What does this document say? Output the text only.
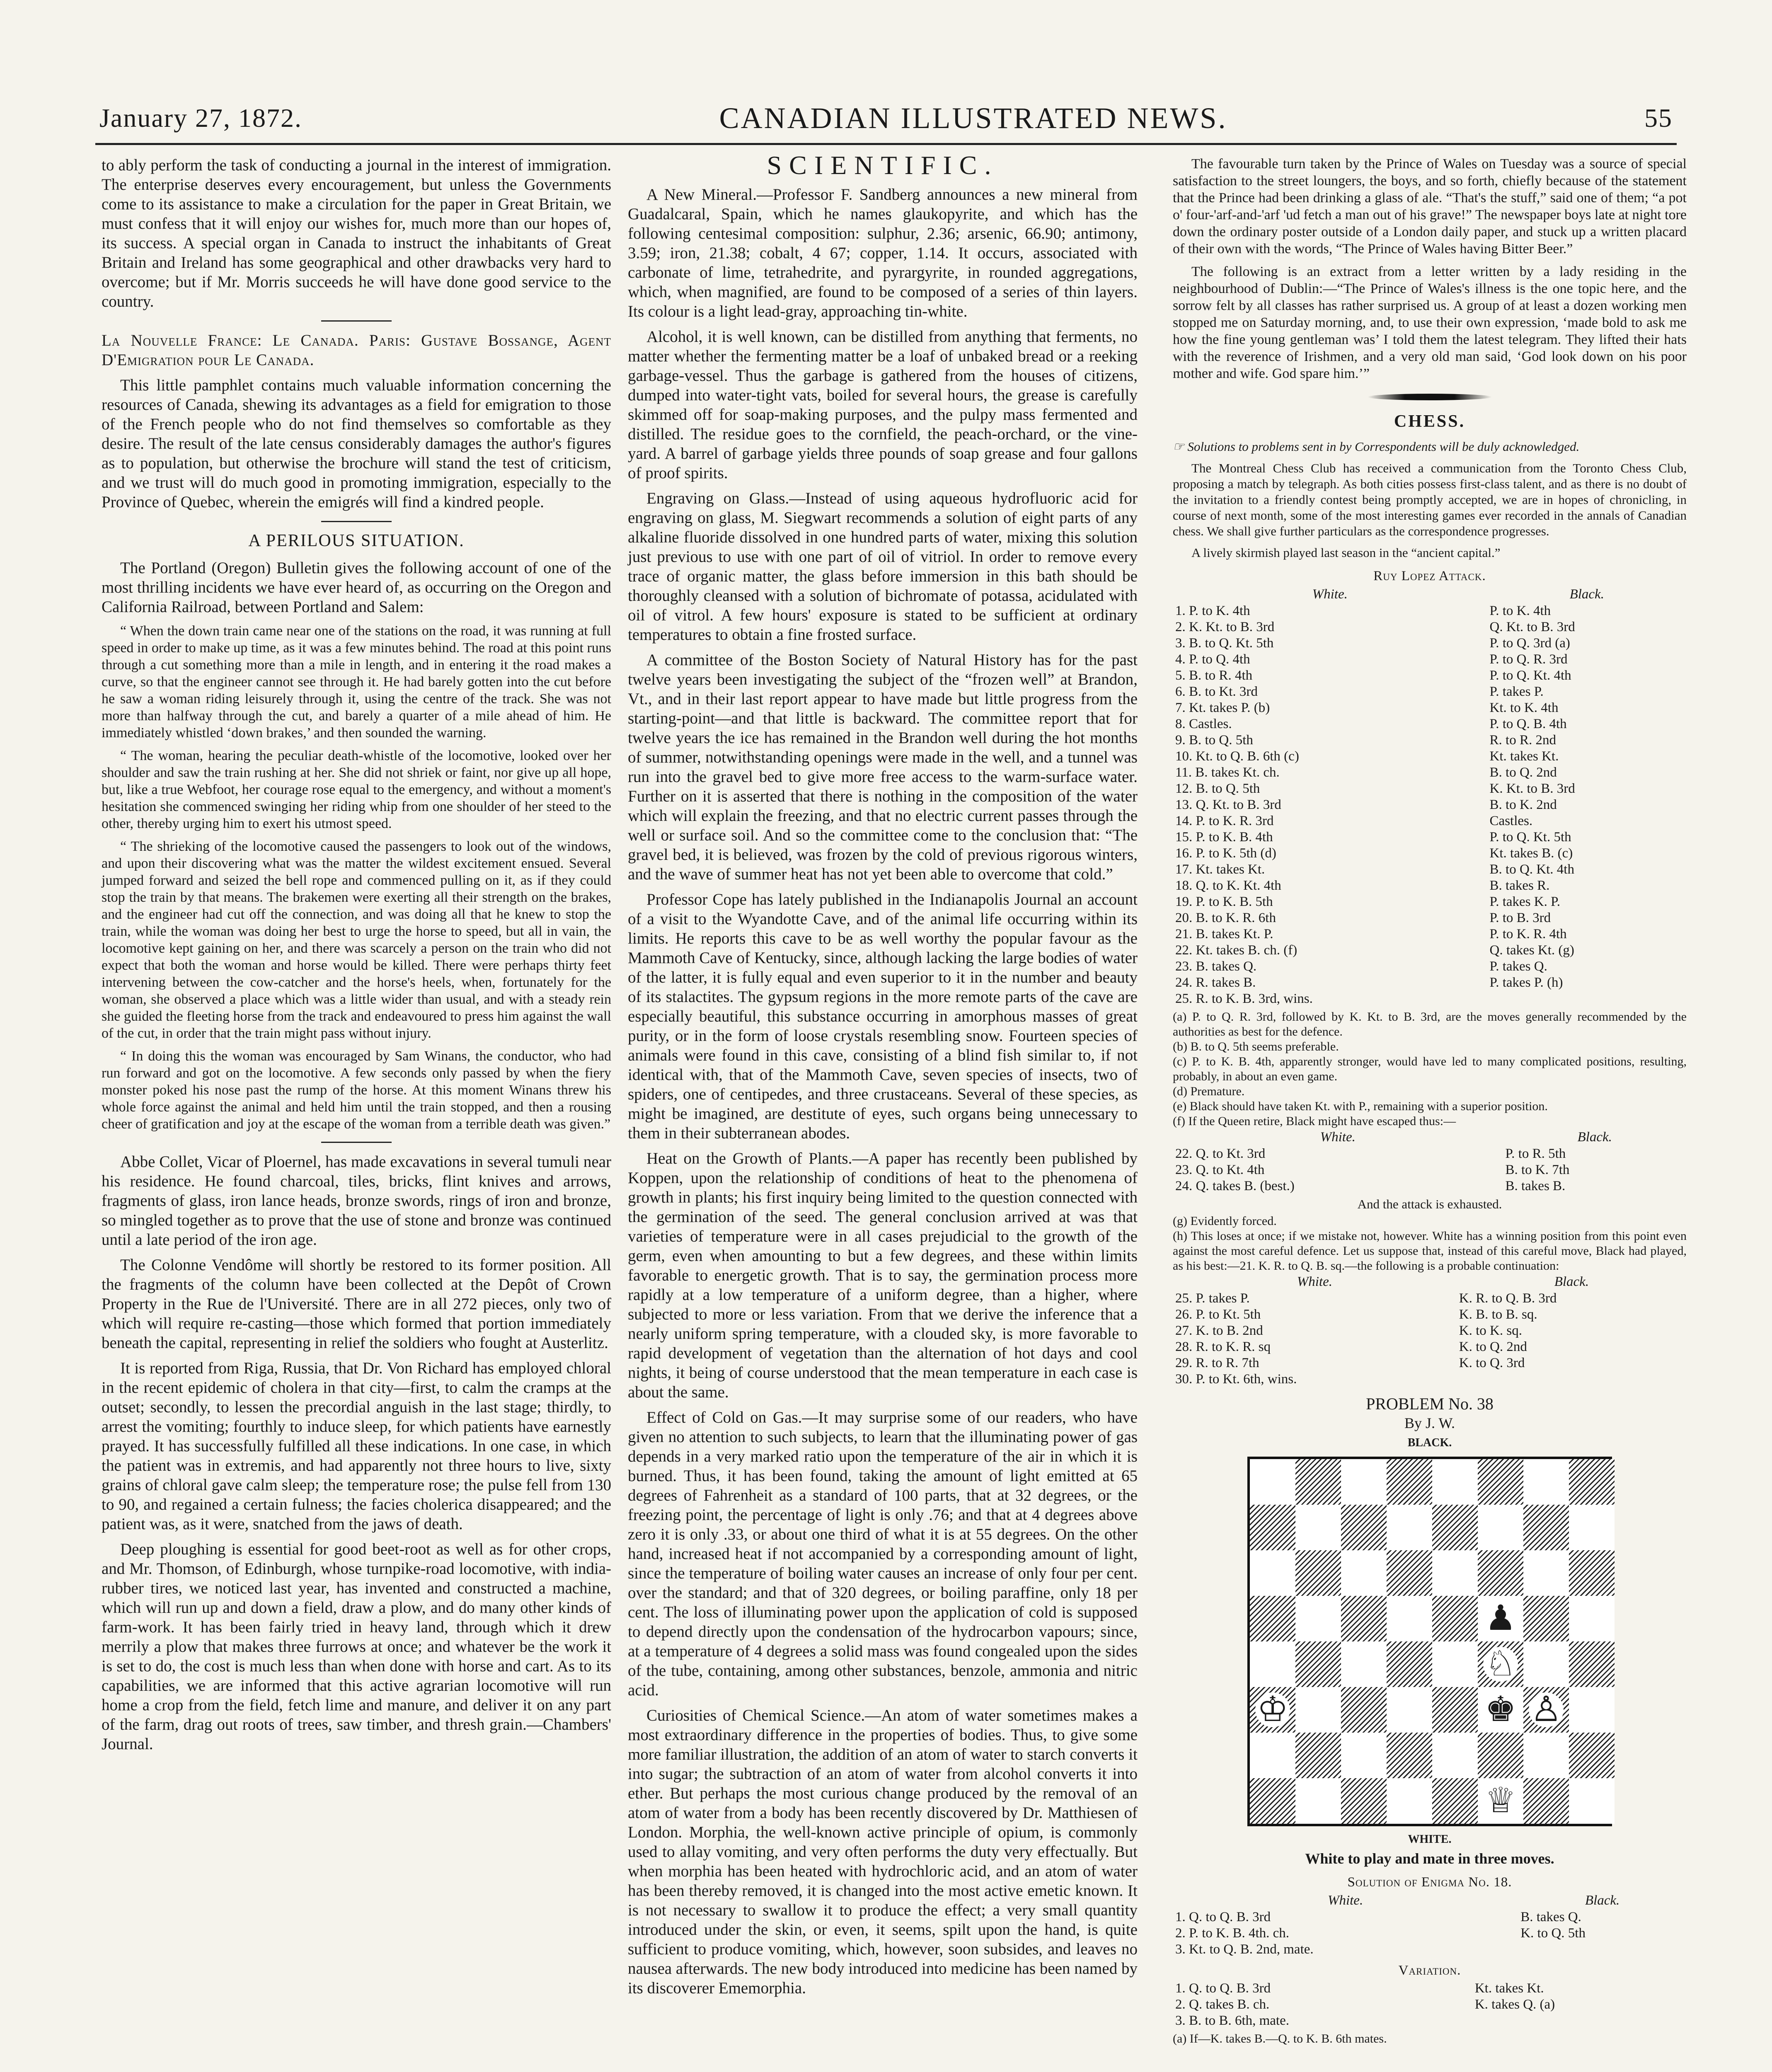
January 27, 1872.	CANADIAN ILLUSTRATED NEWS.	55

to ably perform the task of conducting a journal in the interest of immigration. The enterprise deserves every encouragement, but unless the Governments come to its assistance to make a circulation for the paper in Great Britain, we must confess that it will enjoy our wishes for, much more than our hopes of, its success. A special organ in Canada to instruct the inhabitants of Great Britain and Ireland has some geographical and other drawbacks very hard to overcome; but if Mr. Morris succeeds he will have done good service to the country.

La Nouvelle France: Le Canada. Paris: Gustave Bossange, Agent D'Emigration pour Le Canada.

This little pamphlet contains much valuable information concerning the resources of Canada, shewing its advantages as a field for emigration to those of the French people who do not find themselves so comfortable as they desire. The result of the late census considerably damages the author's figures as to population, but otherwise the brochure will stand the test of criticism, and we trust will do much good in promoting immigration, especially to the Province of Quebec, wherein the emigrés will find a kindred people.

A PERILOUS SITUATION.

The Portland (Oregon) Bulletin gives the following account of one of the most thrilling incidents we have ever heard of, as occurring on the Oregon and California Railroad, between Portland and Salem:

“ When the down train came near one of the stations on the road, it was running at full speed in order to make up time, as it was a few minutes behind. The road at this point runs through a cut something more than a mile in length, and in entering it the road makes a curve, so that the engineer cannot see through it. He had barely gotten into the cut before he saw a woman riding leisurely through it, using the centre of the track. She was not more than halfway through the cut, and barely a quarter of a mile ahead of him. He immediately whistled ‘down brakes,’ and then sounded the warning.

“ The woman, hearing the peculiar death-whistle of the locomotive, looked over her shoulder and saw the train rushing at her. She did not shriek or faint, nor give up all hope, but, like a true Webfoot, her courage rose equal to the emergency, and without a moment's hesitation she commenced swinging her riding whip from one shoulder of her steed to the other, thereby urging him to exert his utmost speed.

“ The shrieking of the locomotive caused the passengers to look out of the windows, and upon their discovering what was the matter the wildest excitement ensued. Several jumped forward and seized the bell rope and commenced pulling on it, as if they could stop the train by that means. The brakemen were exerting all their strength on the brakes, and the engineer had cut off the connection, and was doing all that he knew to stop the train, while the woman was doing her best to urge the horse to speed, but all in vain, the locomotive kept gaining on her, and there was scarcely a person on the train who did not expect that both the woman and horse would be killed. There were perhaps thirty feet intervening between the cow-catcher and the horse's heels, when, fortunately for the woman, she observed a place which was a little wider than usual, and with a steady rein she guided the fleeting horse from the track and endeavoured to press him against the wall of the cut, in order that the train might pass without injury.

“ In doing this the woman was encouraged by Sam Winans, the conductor, who had run forward and got on the locomotive. A few seconds only passed by when the fiery monster poked his nose past the rump of the horse. At this moment Winans threw his whole force against the animal and held him until the train stopped, and then a rousing cheer of gratification and joy at the escape of the woman from a terrible death was given.”

Abbe Collet, Vicar of Ploernel, has made excavations in several tumuli near his residence. He found charcoal, tiles, bricks, flint knives and arrows, fragments of glass, iron lance heads, bronze swords, rings of iron and bronze, so mingled together as to prove that the use of stone and bronze was continued until a late period of the iron age.

The Colonne Vendôme will shortly be restored to its former position. All the fragments of the column have been collected at the Depôt of Crown Property in the Rue de l'Université. There are in all 272 pieces, only two of which will require re-casting—those which formed that portion immediately beneath the capital, representing in relief the soldiers who fought at Austerlitz.

It is reported from Riga, Russia, that Dr. Von Richard has employed chloral in the recent epidemic of cholera in that city—first, to calm the cramps at the outset; secondly, to lessen the precordial anguish in the last stage; thirdly, to arrest the vomiting; fourthly to induce sleep, for which patients have earnestly prayed. It has successfully fulfilled all these indications. In one case, in which the patient was in extremis, and had apparently not three hours to live, sixty grains of chloral gave calm sleep; the temperature rose; the pulse fell from 130 to 90, and regained a certain fulness; the facies cholerica disappeared; and the patient was, as it were, snatched from the jaws of death.

Deep ploughing is essential for good beet-root as well as for other crops, and Mr. Thomson, of Edinburgh, whose turnpike-road locomotive, with india-rubber tires, we noticed last year, has invented and constructed a machine, which will run up and down a field, draw a plow, and do many other kinds of farm-work. It has been fairly tried in heavy land, through which it drew merrily a plow that makes three furrows at once; and whatever be the work it is set to do, the cost is much less than when done with horse and cart. As to its capabilities, we are informed that this active agrarian locomotive will run home a crop from the field, fetch lime and manure, and deliver it on any part of the farm, drag out roots of trees, saw timber, and thresh grain.—Chambers' Journal.

SCIENTIFIC.

A New Mineral.—Professor F. Sandberg announces a new mineral from Guadalcaral, Spain, which he names glaukopyrite, and which has the following centesimal composition: sulphur, 2.36; arsenic, 66.90; antimony, 3.59; iron, 21.38; cobalt, 4 67; copper, 1.14. It occurs, associated with carbonate of lime, tetrahedrite, and pyrargyrite, in rounded aggregations, which, when magnified, are found to be composed of a series of thin layers. Its colour is a light lead-gray, approaching tin-white.

Alcohol, it is well known, can be distilled from anything that ferments, no matter whether the fermenting matter be a loaf of unbaked bread or a reeking garbage-vessel. Thus the garbage is gathered from the houses of citizens, dumped into water-tight vats, boiled for several hours, the grease is carefully skimmed off for soap-making purposes, and the pulpy mass fermented and distilled. The residue goes to the cornfield, the peach-orchard, or the vine-yard. A barrel of garbage yields three pounds of soap grease and four gallons of proof spirits.

Engraving on Glass.—Instead of using aqueous hydrofluoric acid for engraving on glass, M. Siegwart recommends a solution of eight parts of any alkaline fluoride dissolved in one hundred parts of water, mixing this solution just previous to use with one part of oil of vitriol. In order to remove every trace of organic matter, the glass before immersion in this bath should be thoroughly cleansed with a solution of bichromate of potassa, acidulated with oil of vitrol. A few hours' exposure is stated to be sufficient at ordinary temperatures to obtain a fine frosted surface.

A committee of the Boston Society of Natural History has for the past twelve years been investigating the subject of the “frozen well” at Brandon, Vt., and in their last report appear to have made but little progress from the starting-point—and that little is backward. The committee report that for twelve years the ice has remained in the Brandon well during the hot months of summer, notwithstanding openings were made in the well, and a tunnel was run into the gravel bed to give more free access to the warm-surface water. Further on it is asserted that there is nothing in the composition of the water which will explain the freezing, and that no electric current passes through the well or surface soil. And so the committee come to the conclusion that: “The gravel bed, it is believed, was frozen by the cold of previous rigorous winters, and the wave of summer heat has not yet been able to overcome that cold.”

Professor Cope has lately published in the Indianapolis Journal an account of a visit to the Wyandotte Cave, and of the animal life occurring within its limits. He reports this cave to be as well worthy the popular favour as the Mammoth Cave of Kentucky, since, although lacking the large bodies of water of the latter, it is fully equal and even superior to it in the number and beauty of its stalactites. The gypsum regions in the more remote parts of the cave are especially beautiful, this substance occurring in amorphous masses of great purity, or in the form of loose crystals resembling snow. Fourteen species of animals were found in this cave, consisting of a blind fish similar to, if not identical with, that of the Mammoth Cave, seven species of insects, two of spiders, one of centipedes, and three crustaceans. Several of these species, as might be imagined, are destitute of eyes, such organs being unnecessary to them in their subterranean abodes.

Heat on the Growth of Plants.—A paper has recently been published by Koppen, upon the relationship of conditions of heat to the phenomena of growth in plants; his first inquiry being limited to the question connected with the germination of the seed. The general conclusion arrived at was that varieties of temperature were in all cases prejudicial to the growth of the germ, even when amounting to but a few degrees, and these within limits favorable to energetic growth. That is to say, the germination process more rapidly at a low temperature of a uniform degree, than a higher, where subjected to more or less variation. From that we derive the inference that a nearly uniform spring temperature, with a clouded sky, is more favorable to rapid development of vegetation than the alternation of hot days and cool nights, it being of course understood that the mean temperature in each case is about the same.

Effect of Cold on Gas.—It may surprise some of our readers, who have given no attention to such subjects, to learn that the illuminating power of gas depends in a very marked ratio upon the temperature of the air in which it is burned. Thus, it has been found, taking the amount of light emitted at 65 degrees of Fahrenheit as a standard of 100 parts, that at 32 degrees, or the freezing point, the percentage of light is only .76; and that at 4 degrees above zero it is only .33, or about one third of what it is at 55 degrees. On the other hand, increased heat if not accompanied by a corresponding amount of light, since the temperature of boiling water causes an increase of only four per cent. over the standard; and that of 320 degrees, or boiling paraffine, only 18 per cent. The loss of illuminating power upon the application of cold is supposed to depend directly upon the condensation of the hydrocarbon vapours; since, at a temperature of 4 degrees a solid mass was found congealed upon the sides of the tube, containing, among other substances, benzole, ammonia and nitric acid.

Curiosities of Chemical Science.—An atom of water sometimes makes a most extraordinary difference in the properties of bodies. Thus, to give some more familiar illustration, the addition of an atom of water to starch converts it into sugar; the subtraction of an atom of water from alcohol converts it into ether. But perhaps the most curious change produced by the removal of an atom of water from a body has been recently discovered by Dr. Matthiesen of London. Morphia, the well-known active principle of opium, is commonly used to allay vomiting, and very often performs the duty very effectually. But when morphia has been heated with hydrochloric acid, and an atom of water has been thereby removed, it is changed into the most active emetic known. It is not necessary to swallow it to produce the effect; a very small quantity introduced under the skin, or even, it seems, spilt upon the hand, is quite sufficient to produce vomiting, which, however, soon subsides, and leaves no nausea afterwards. The new body introduced into medicine has been named by its discoverer Ememorphia.

The favourable turn taken by the Prince of Wales on Tuesday was a source of special satisfaction to the street loungers, the boys, and so forth, chiefly because of the statement that the Prince had been drinking a glass of ale. “That's the stuff,” said one of them; “a pot o' four-'arf-and-'arf 'ud fetch a man out of his grave!” The newspaper boys late at night tore down the ordinary poster outside of a London daily paper, and stuck up a written placard of their own with the words, “The Prince of Wales having Bitter Beer.”

The following is an extract from a letter written by a lady residing in the neighbourhood of Dublin:—“The Prince of Wales's illness is the one topic here, and the sorrow felt by all classes has rather surprised us. A group of at least a dozen working men stopped me on Saturday morning, and, to use their own expression, ‘made bold to ask me how the fine young gentleman was’ I told them the latest telegram. They lifted their hats with the reverence of Irishmen, and a very old man said, ‘God look down on his poor mother and wife. God spare him.’”

CHESS.

☞ Solutions to problems sent in by Correspondents will be duly acknowledged.

The Montreal Chess Club has received a communication from the Toronto Chess Club, proposing a match by telegraph. As both cities possess first-class talent, and as there is no doubt of the invitation to a friendly contest being promptly accepted, we are in hopes of chronicling, in course of next month, some of the most interesting games ever recorded in the annals of Canadian chess. We shall give further particulars as the correspondence progresses.

A lively skirmish played last season in the “ancient capital.”

Ruy Lopez Attack.
White.	Black.
1. P. to K. 4th	P. to K. 4th
2. K. Kt. to B. 3rd	Q. Kt. to B. 3rd
3. B. to Q. Kt. 5th	P. to Q. 3rd (a)
4. P. to Q. 4th	P. to Q. R. 3rd
5. B. to R. 4th	P. to Q. Kt. 4th
6. B. to Kt. 3rd	P. takes P.
7. Kt. takes P. (b)	Kt. to K. 4th
8. Castles.	P. to Q. B. 4th
9. B. to Q. 5th	R. to R. 2nd
10. Kt. to Q. B. 6th (c)	Kt. takes Kt.
11. B. takes Kt. ch.	B. to Q. 2nd
12. B. to Q. 5th	K. Kt. to B. 3rd
13. Q. Kt. to B. 3rd	B. to K. 2nd
14. P. to K. R. 3rd	Castles.
15. P. to K. B. 4th	P. to Q. Kt. 5th
16. P. to K. 5th (d)	Kt. takes B. (c)
17. Kt. takes Kt.	B. to Q. Kt. 4th
18. Q. to K. Kt. 4th	B. takes R.
19. P. to K. B. 5th	P. takes K. P.
20. B. to K. R. 6th	P. to B. 3rd
21. B. takes Kt. P.	P. to K. R. 4th
22. Kt. takes B. ch. (f)	Q. takes Kt. (g)
23. B. takes Q.	P. takes Q.
24. R. takes B.	P. takes P. (h)
25. R. to K. B. 3rd, wins.	
(a) P. to Q. R. 3rd, followed by K. Kt. to B. 3rd, are the moves generally recommended by the authorities as best for the defence.
(b) B. to Q. 5th seems preferable.
(c) P. to K. B. 4th, apparently stronger, would have led to many complicated positions, resulting, probably, in about an even game.
(d) Premature.
(e) Black should have taken Kt. with P., remaining with a superior position.
(f) If the Queen retire, Black might have escaped thus:—
White.	Black.
22. Q. to Kt. 3rd	P. to R. 5th
23. Q. to Kt. 4th	B. to K. 7th
24. Q. takes B. (best.)	B. takes B.
And the attack is exhausted.
(g) Evidently forced.
(h) This loses at once; if we mistake not, however. White has a winning position from this point even against the most careful defence. Let us suppose that, instead of this careful move, Black had played, as his best:—21. K. R. to Q. B. sq.—the following is a probable continuation:
White.	Black.
25. P. takes P.	K. R. to Q. B. 3rd
26. P. to Kt. 5th	K. B. to B. sq.
27. K. to B. 2nd	K. to K. sq.
28. R. to K. R. sq	K. to Q. 2nd
29. R. to R. 7th	K. to Q. 3rd
30. P. to Kt. 6th, wins.	
PROBLEM No. 38
By J. W.
BLACK.
♟
♘
♔	♚ ♙
♕
WHITE.
White to play and mate in three moves.
Solution of Enigma No. 18.
White.	Black.
1. Q. to Q. B. 3rd	B. takes Q.
2. P. to K. B. 4th. ch.	K. to Q. 5th
3. Kt. to Q. B. 2nd, mate.	
Variation.
1. Q. to Q. B. 3rd	Kt. takes Kt.
2. Q. takes B. ch.	K. takes Q. (a)
3. B. to B. 6th, mate.	
(a) If—K. takes B.—Q. to K. B. 6th mates.
